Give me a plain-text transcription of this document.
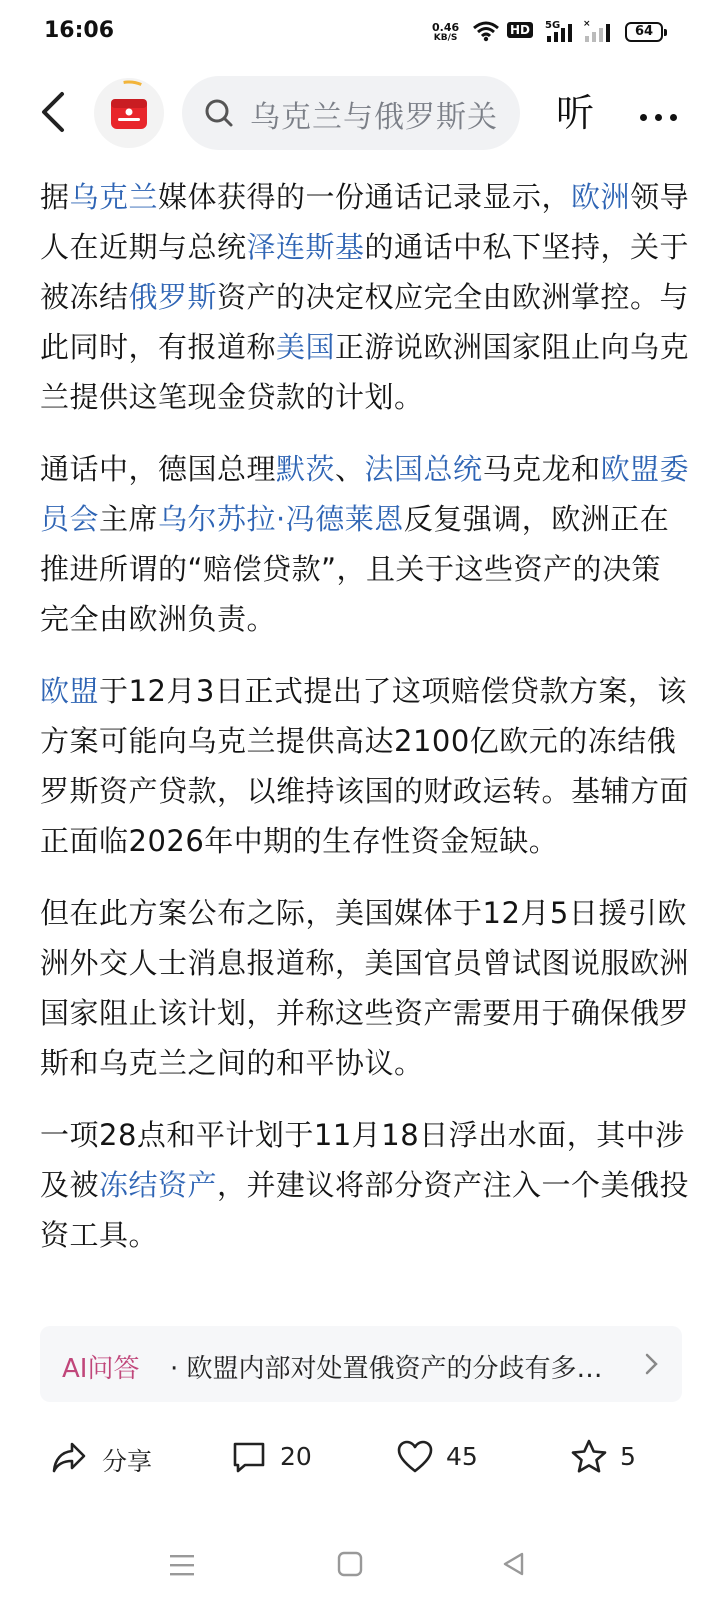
16:06	0.46
KB/S
HD	5G	×	64
乌克兰与俄罗斯关 听

据乌克兰媒体获得的一份通话记录显示，欧洲领导人在近期与总统泽连斯基的通话中私下坚持，关于被冻结俄罗斯资产的决定权应完全由欧洲掌控。与此同时，有报道称美国正游说欧洲国家阻止向乌克兰提供这笔现金贷款的计划。

通话中，德国总理默茨、法国总统马克龙和欧盟委员会主席乌尔苏拉·冯德莱恩反复强调，欧洲正在推进所谓的“赔偿贷款”，且关于这些资产的决策完全由欧洲负责。

欧盟于12月3日正式提出了这项赔偿贷款方案，该方案可能向乌克兰提供高达2100亿欧元的冻结俄罗斯资产贷款，以维持该国的财政运转。基辅方面正面临2026年中期的生存性资金短缺。

但在此方案公布之际，美国媒体于12月5日援引欧洲外交人士消息报道称，美国官员曾试图说服欧洲国家阻止该计划，并称这些资产需要用于确保俄罗斯和乌克兰之间的和平协议。

一项28点和平计划于11月18日浮出水面，其中涉及被冻结资产，并建议将部分资产注入一个美俄投资工具。

AI问答 · 欧盟内部对处置俄资产的分歧有多…
分享	20	45	5
